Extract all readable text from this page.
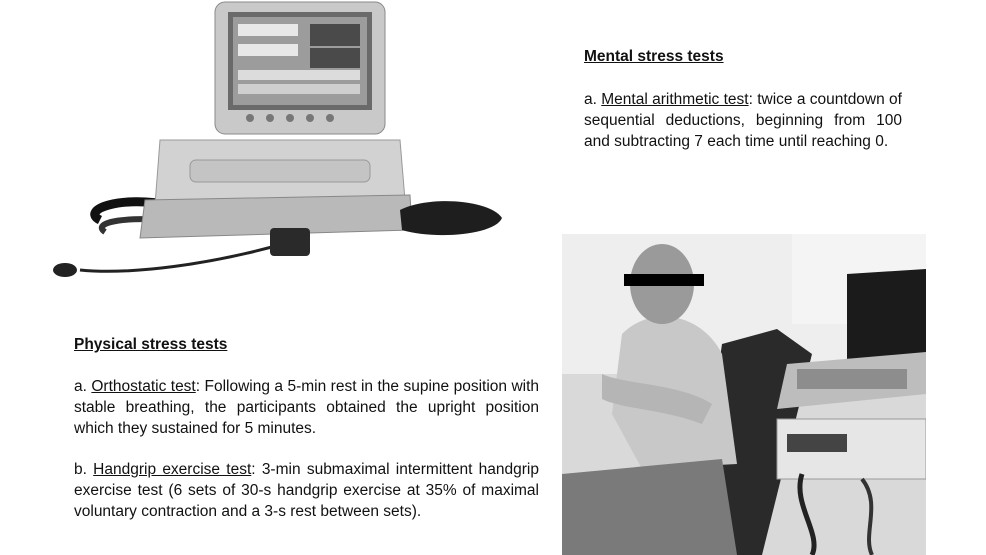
Mental stress tests
a. Mental arithmetic test: twice a countdown of sequential deductions, beginning from 100 and subtracting 7 each time until reaching 0.
Physical stress tests
a. Orthostatic test: Following a 5-min rest in the supine position with stable breathing, the participants obtained the upright position which they sustained for 5 minutes.
b. Handgrip exercise test: 3-min submaximal intermittent handgrip exercise test (6 sets of 30-s handgrip exercise at 35% of maximal voluntary contraction and a 3-s rest between sets).
